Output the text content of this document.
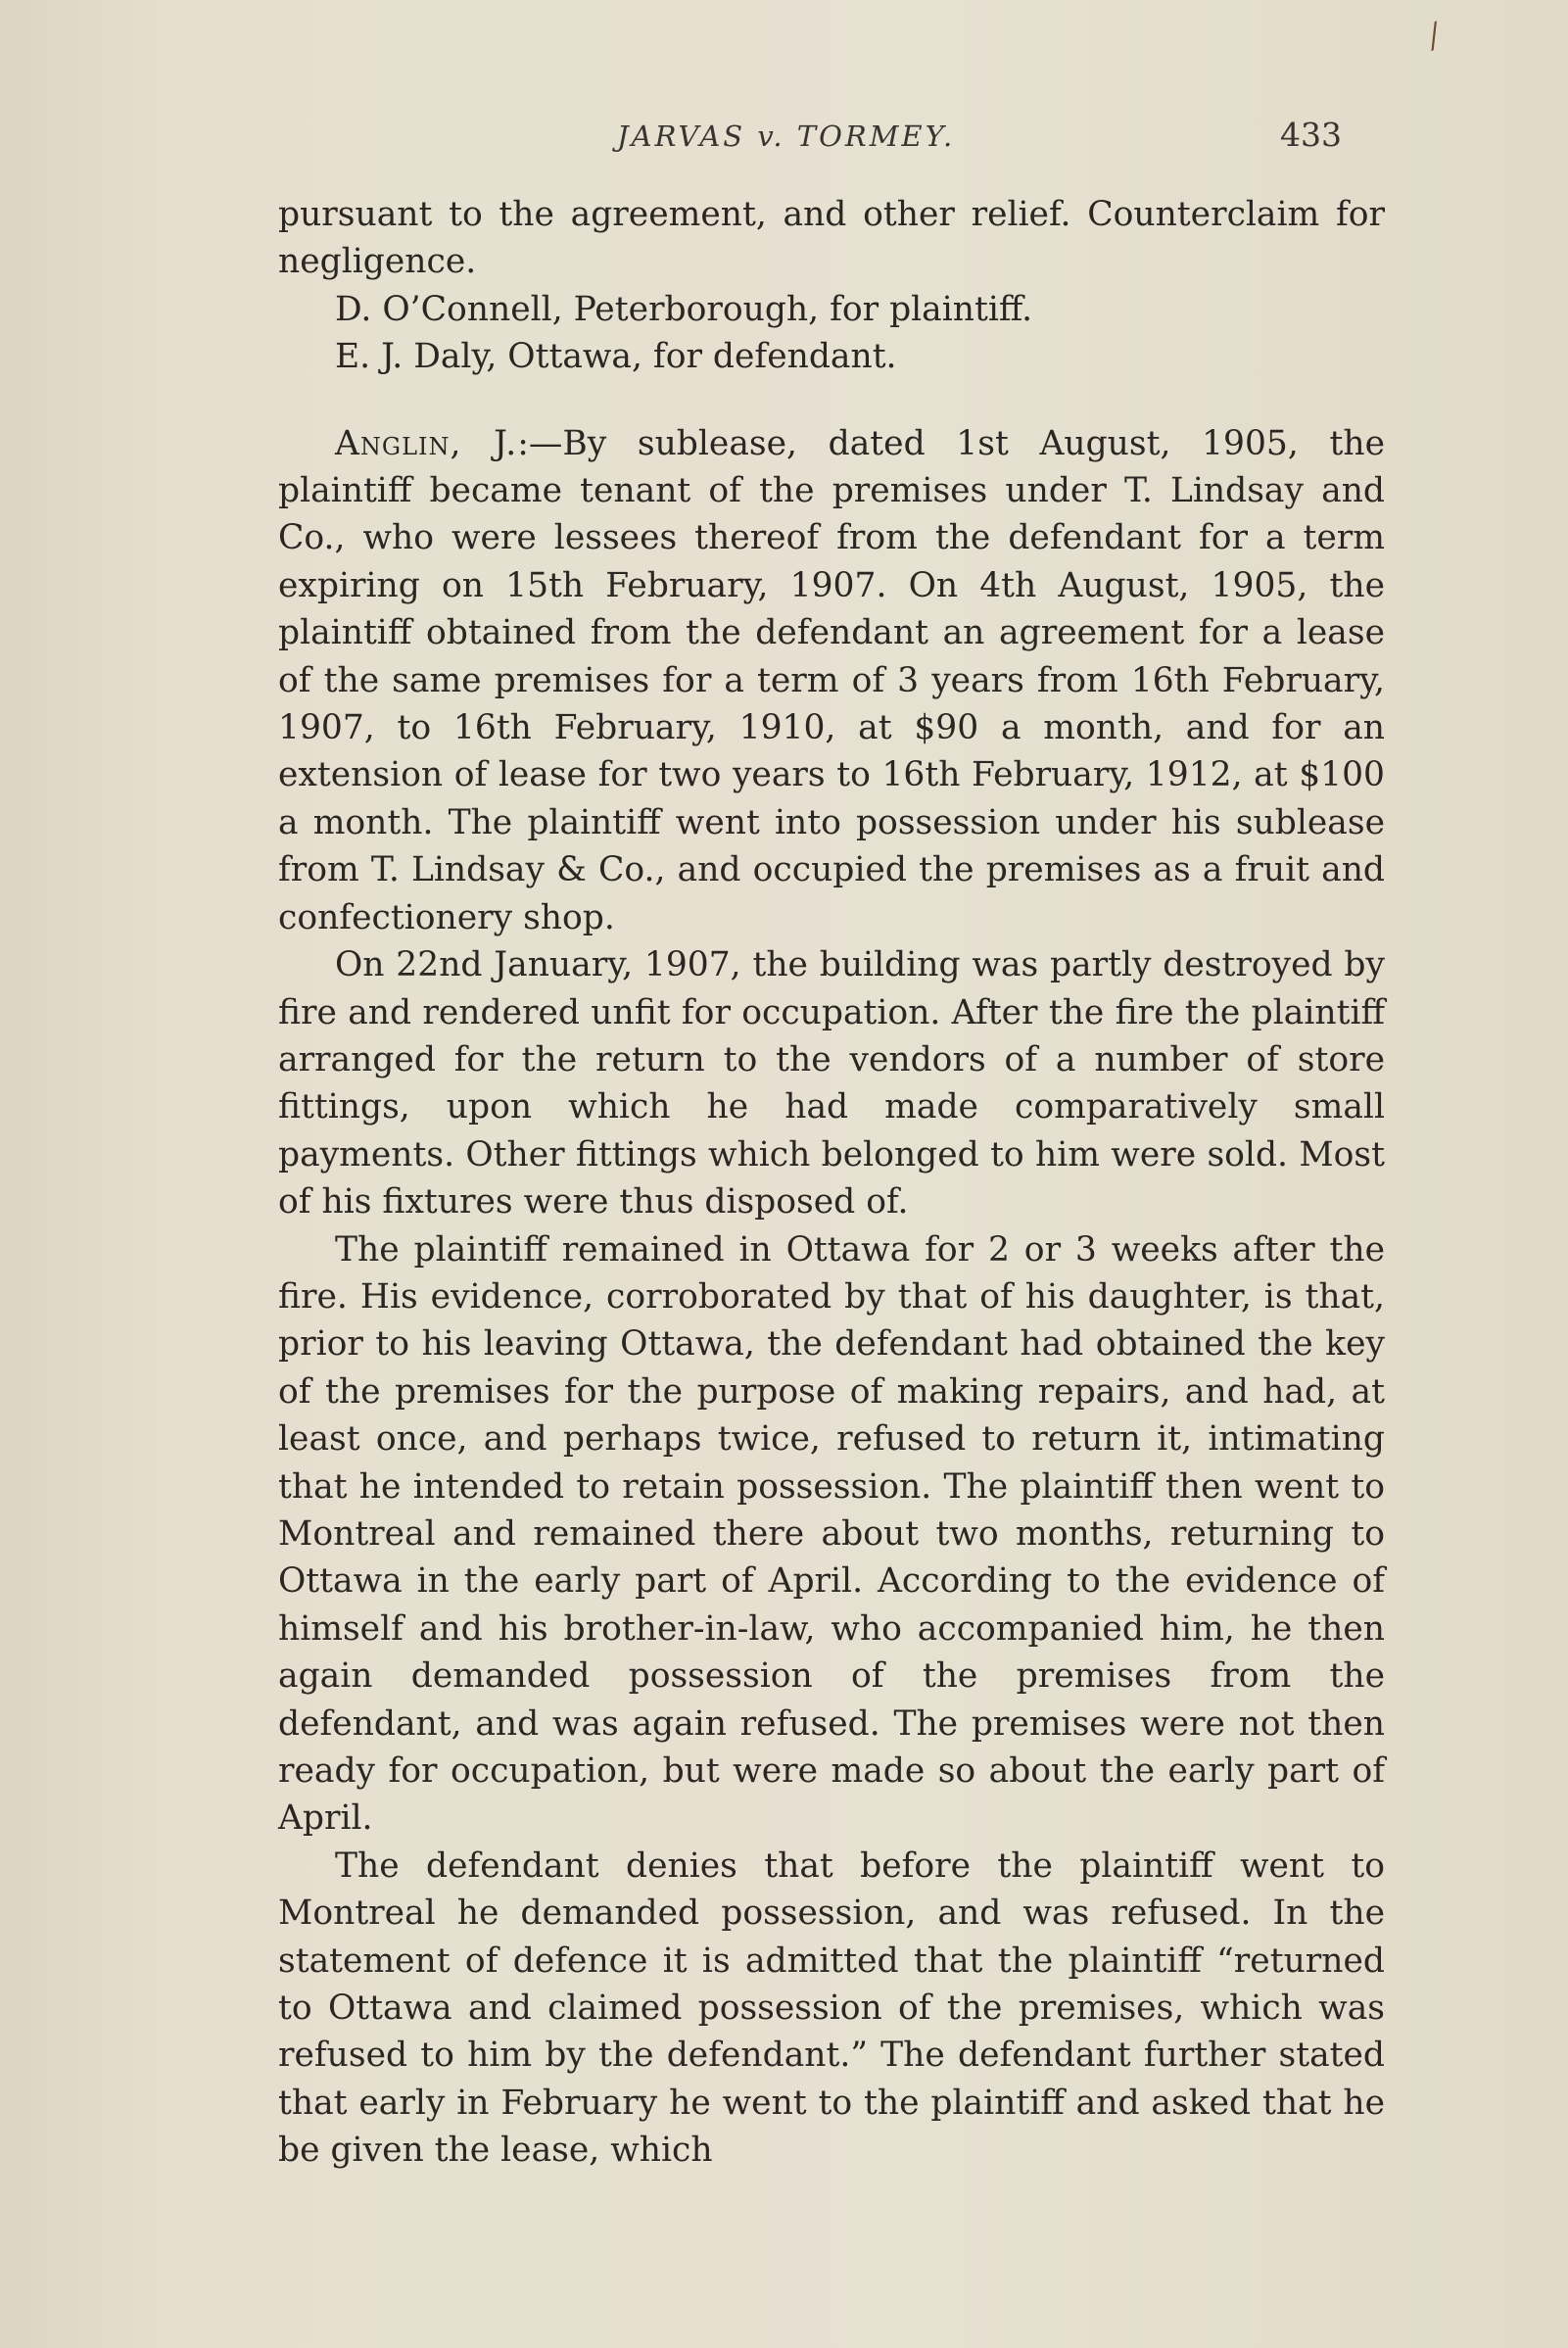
⁄
JARVAS v. TORMEY.	433

pursuant to the agreement, and other relief. Counterclaim for negligence.

D. O’Connell, Peterborough, for plaintiff.

E. J. Daly, Ottawa, for defendant.

Anglin, J.:—By sublease, dated 1st August, 1905, the plaintiff became tenant of the premises under T. Lindsay and Co., who were lessees thereof from the defendant for a term expiring on 15th February, 1907. On 4th August, 1905, the plaintiff obtained from the defendant an agreement for a lease of the same premises for a term of 3 years from 16th February, 1907, to 16th February, 1910, at $90 a month, and for an extension of lease for two years to 16th February, 1912, at $100 a month. The plaintiff went into possession under his sublease from T. Lindsay & Co., and occupied the premises as a fruit and confectionery shop.

On 22nd January, 1907, the building was partly destroyed by fire and rendered unfit for occupation. After the fire the plaintiff arranged for the return to the vendors of a number of store fittings, upon which he had made comparatively small payments. Other fittings which belonged to him were sold. Most of his fixtures were thus disposed of.

The plaintiff remained in Ottawa for 2 or 3 weeks after the fire. His evidence, corroborated by that of his daughter, is that, prior to his leaving Ottawa, the defendant had obtained the key of the premises for the purpose of making repairs, and had, at least once, and perhaps twice, refused to return it, intimating that he intended to retain possession. The plaintiff then went to Montreal and remained there about two months, returning to Ottawa in the early part of April. According to the evidence of himself and his brother-in-law, who accompanied him, he then again demanded possession of the premises from the defendant, and was again refused. The premises were not then ready for occupation, but were made so about the early part of April.

The defendant denies that before the plaintiff went to Montreal he demanded possession, and was refused. In the statement of defence it is admitted that the plaintiff “returned to Ottawa and claimed possession of the premises, which was refused to him by the defendant.” The defendant further stated that early in February he went to the plaintiff and asked that he be given the lease, which
